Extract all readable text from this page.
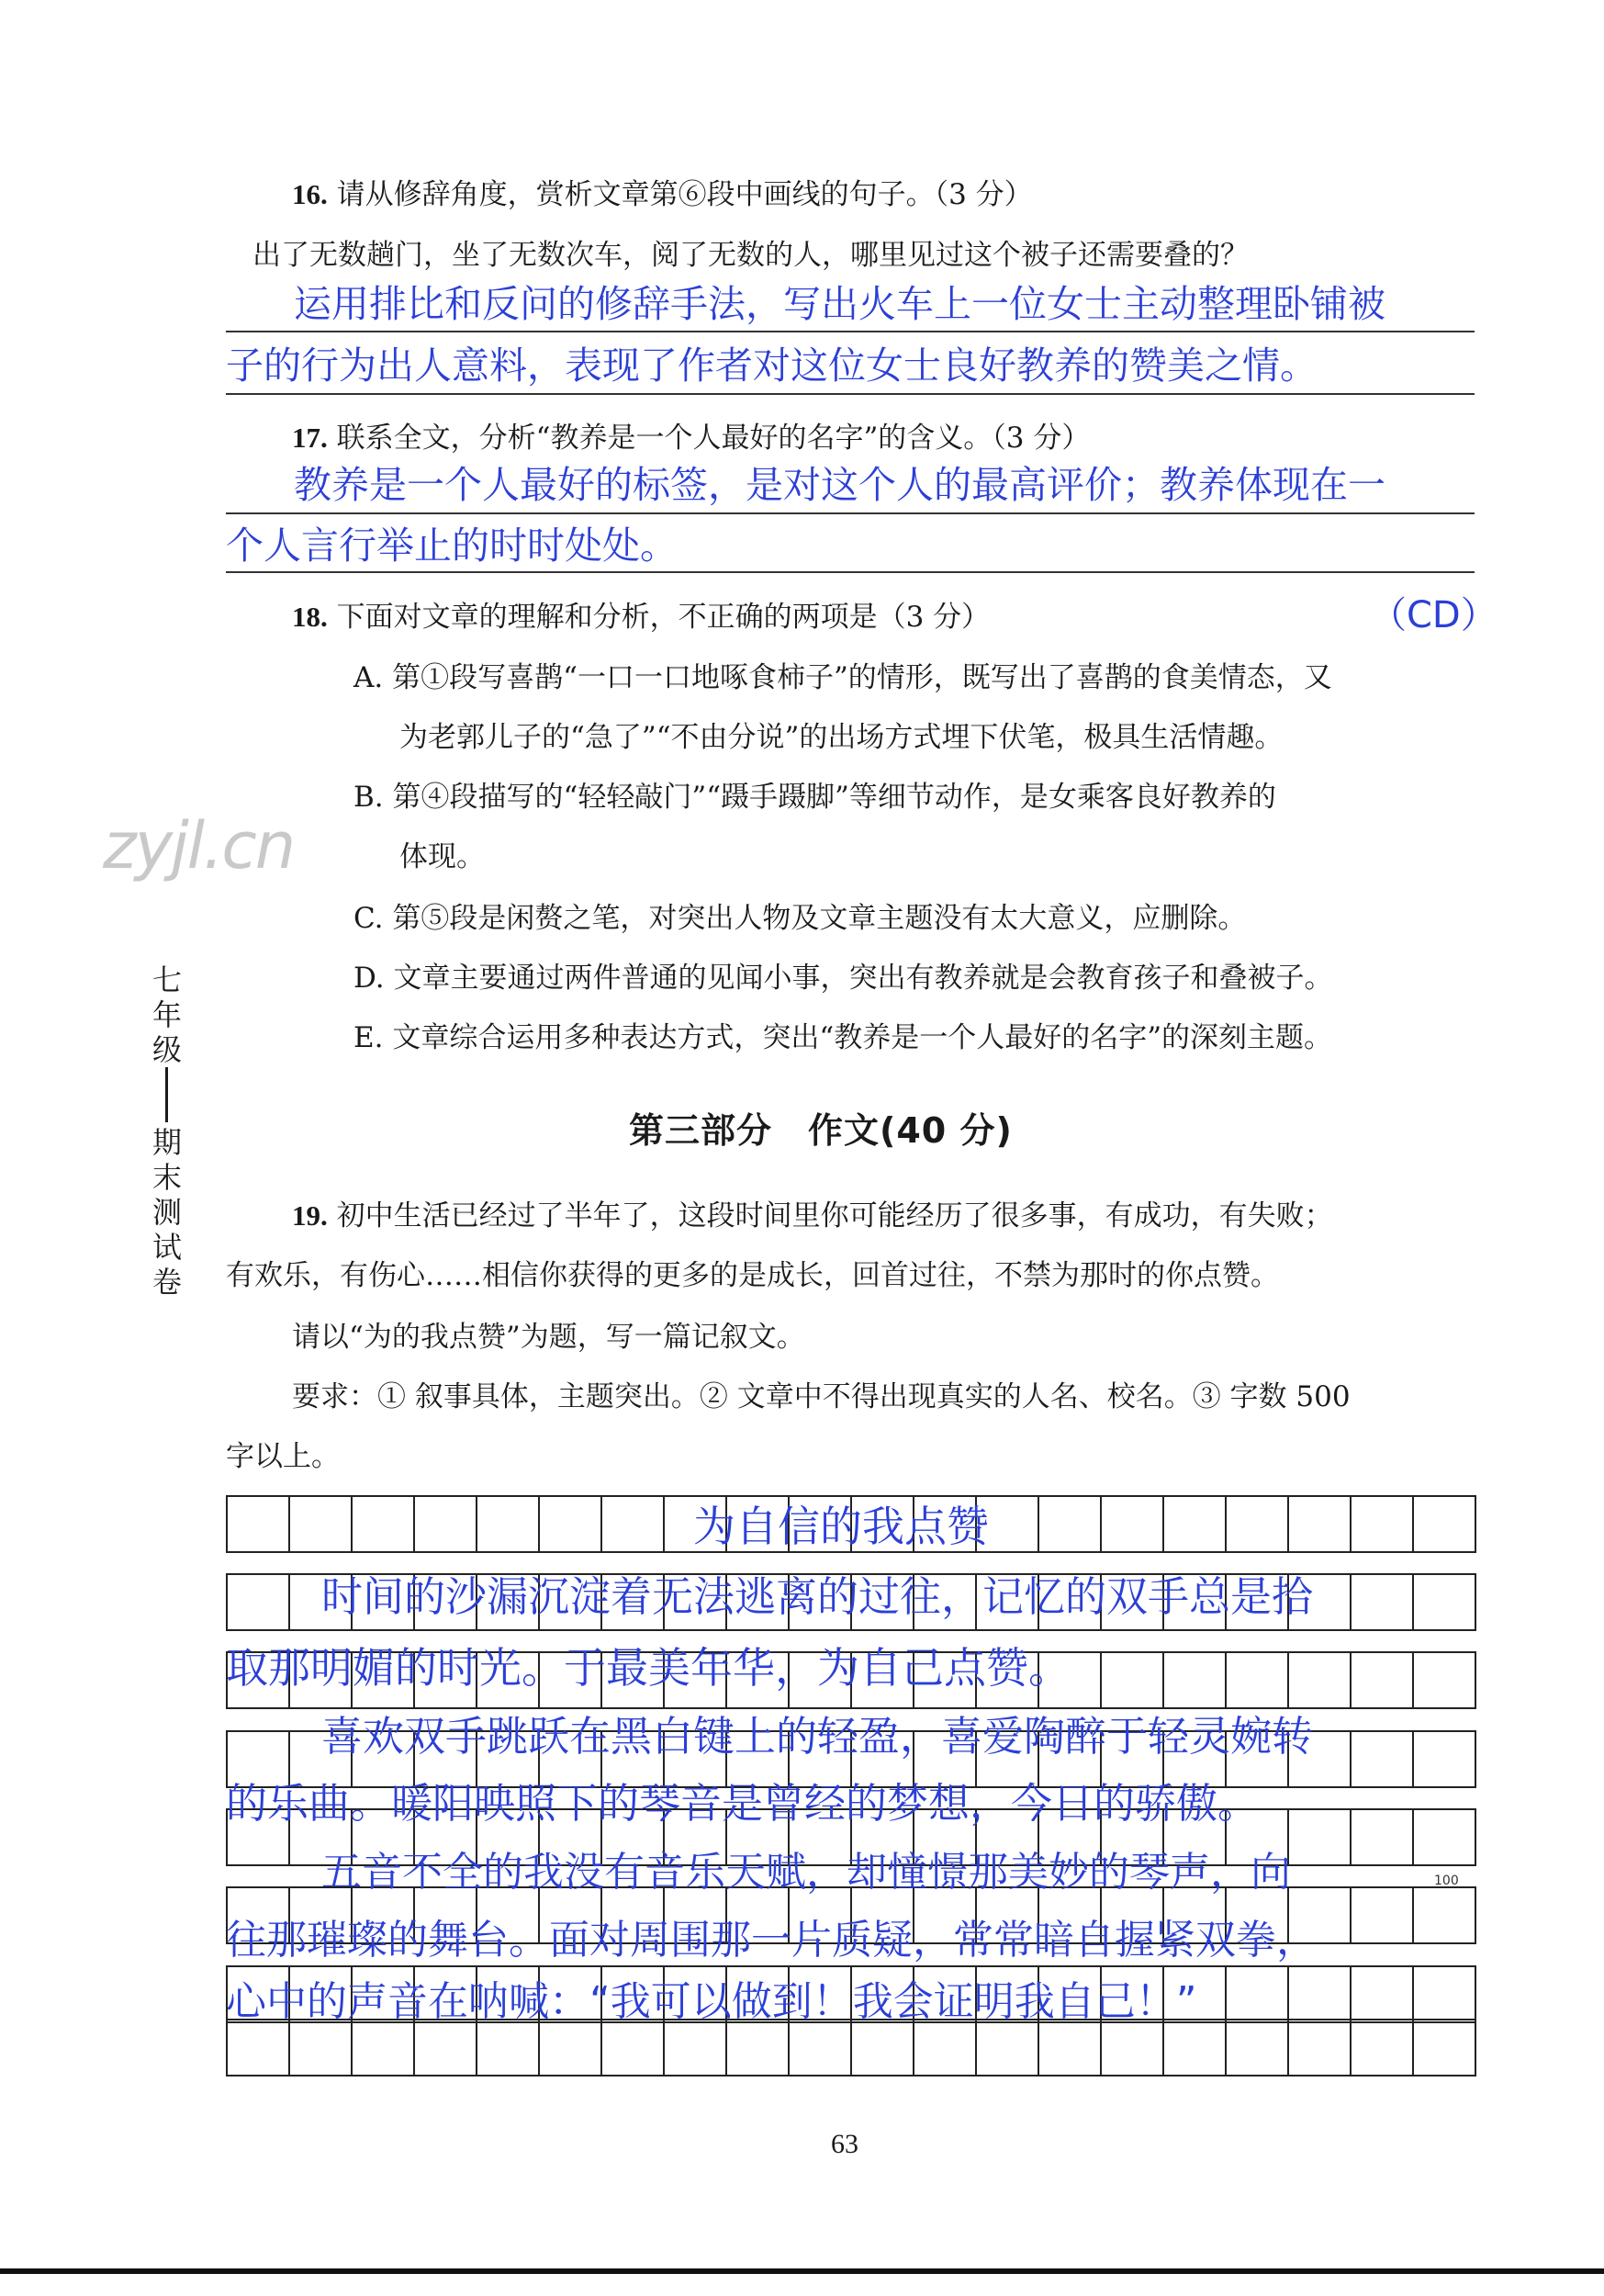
16. 请从修辞角度，赏析文章第⑥段中画线的句子。（3 分）
出了无数趟门，坐了无数次车，阅了无数的人，哪里见过这个被子还需要叠的？
运用排比和反问的修辞手法，写出火车上一位女士主动整理卧铺被
子的行为出人意料，表现了作者对这位女士良好教养的赞美之情。
17. 联系全文，分析“教养是一个人最好的名字”的含义。（3 分）
教养是一个人最好的标签，是对这个人的最高评价；教养体现在一
个人言行举止的时时处处。
18. 下面对文章的理解和分析，不正确的两项是（3 分）	（CD）
A. 第①段写喜鹊“一口一口地啄食柿子”的情形，既写出了喜鹊的食美情态，又
为老郭儿子的“急了”“不由分说”的出场方式埋下伏笔，极具生活情趣。
B. 第④段描写的“轻轻敲门”“蹑手蹑脚”等细节动作，是女乘客良好教养的
体现。
C. 第⑤段是闲赘之笔，对突出人物及文章主题没有太大意义，应删除。
D. 文章主要通过两件普通的见闻小事，突出有教养就是会教育孩子和叠被子。
E. 文章综合运用多种表达方式，突出“教养是一个人最好的名字”的深刻主题。
zyjl.cn
七年级
期末测试卷
第三部分　作文(40 分)
19. 初中生活已经过了半年了，这段时间里你可能经历了很多事，有成功，有失败；
有欢乐，有伤心……相信你获得的更多的是成长，回首过往，不禁为那时的你点赞。
请以“为的我点赞”为题，写一篇记叙文。
要求：① 叙事具体，主题突出。② 文章中不得出现真实的人名、校名。③ 字数 500
字以上。
为自信的我点赞
时间的沙漏沉淀着无法逃离的过往，记忆的双手总是拾
取那明媚的时光。于最美年华，为自己点赞。
喜欢双手跳跃在黑白键上的轻盈，喜爱陶醉于轻灵婉转
的乐曲。暖阳映照下的琴音是曾经的梦想，今日的骄傲。
五音不全的我没有音乐天赋，却憧憬那美妙的琴声，向
往那璀璨的舞台。面对周围那一片质疑，常常暗自握紧双拳，
心中的声音在呐喊：“我可以做到！我会证明我自己！”
100
63
